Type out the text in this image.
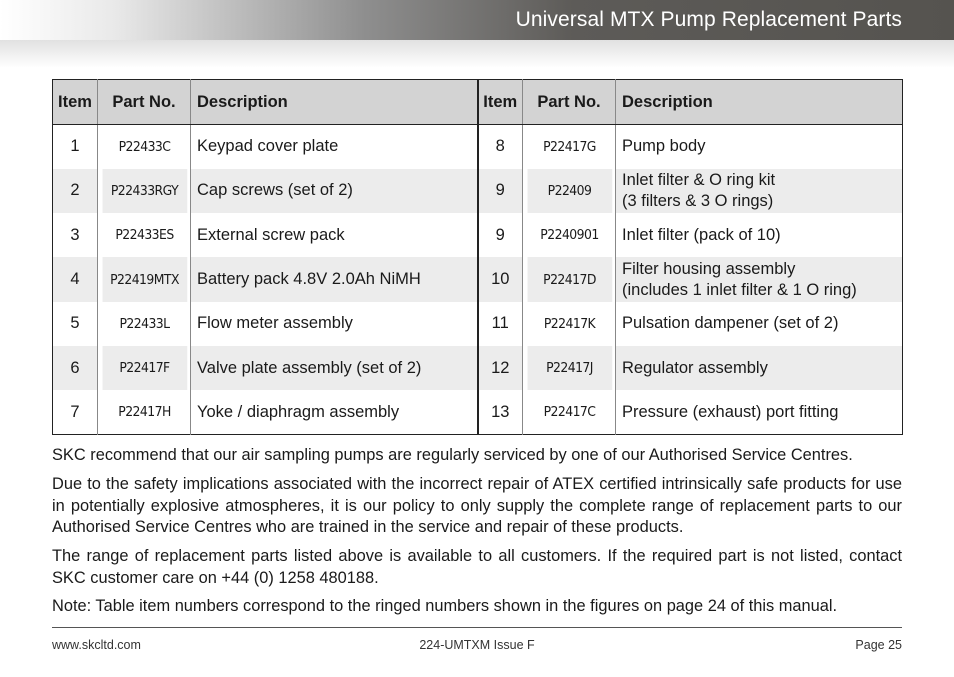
Universal MTX Pump Replacement Parts
Item	Part No.	Description	Item	Part No.	Description
1	P22433C	Keypad cover plate	8	P22417G	Pump body

2	P22433RGY	Cap screws (set of 2)	9	P22409	Inlet filter & O ring kit
(3 filters & 3 O rings)

3	P22433ES	External screw pack	9	P2240901	Inlet filter (pack of 10)

4	P22419MTX	Battery pack 4.8V 2.0Ah NiMH	10	P22417D	Filter housing assembly
(includes 1 inlet filter & 1 O ring)

5	P22433L	Flow meter assembly	11	P22417K	Pulsation dampener (set of 2)

6	P22417F	Valve plate assembly (set of 2)	12	P22417J	Regulator assembly

7	P22417H	Yoke / diaphragm assembly	13	P22417C	Pressure (exhaust) port fitting

SKC recommend that our air sampling pumps are regularly serviced by one of our Authorised Service Centres.

Due to the safety implications associated with the incorrect repair of ATEX certified intrinsically safe products for use in potentially explosive atmospheres, it is our policy to only supply the complete range of replacement parts to our Authorised Service Centres who are trained in the service and repair of these products.

The range of replacement parts listed above is available to all customers. If the required part is not listed, contact SKC customer care on +44 (0) 1258 480188.

Note: Table item numbers correspond to the ringed numbers shown in the figures on page 24 of this manual.

www.skcltd.com	224-UMTXM Issue F	Page 25
